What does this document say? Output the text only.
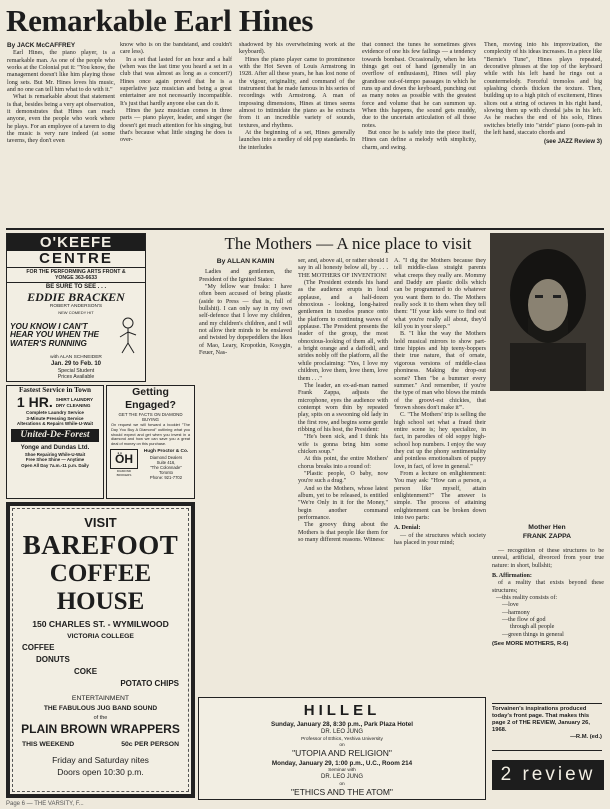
Remarkable Earl Hines
By JACK McCAFFREY

Earl Hines, the piano player, is a remarkable man. As one of the people who works at the Colonial put it: "You know, the management doesn't like him playing those long sets. But Mr. Hines loves his music, and no one can tell him what to do with it."

What is remarkable about that statement is that, besides being a very apt observation, it demonstrates that Hines can reach anyone, even the people who work where he plays. For an employee of a tavern to dig the music is very rare indeed (at some taverns, they don't even

know who is on the bandstand, and couldn't care less).

In a set that lasted for an hour and a half (when was the last time you heard a set in a club that was almost as long as a concert?) Hines once again proved that he is a superlative jazz musician and being a great entertainer are not necessarily incompatible. It's just that hardly anyone else can do it.

Hines the jazz musician comes in three parts — piano player, leader, and singer (he doesn't get much attention for his singing, but that's because what little singing he does is over-

shadowed by his overwhelming work at the keyboard).

Hines the piano player came to prominence with the Hot Seven of Louis Armstrong in 1928. After all these years, he has lost none of the vigour, originality, and command of the instrument that he made famous in his series of recordings with Armstrong. A man of impossing dimensions, Hines at times seems almost to intimidate the piano as he extracts from it an incredible variety of sounds, textures, and rhythms.

At the beginning of a set, Hines generally launches into a medley of old pop standards. In the interludes

that connect the tunes he sometimes gives evidence of one his few failings — a tendency towards bombast. Occasionally, when he lets things get out of hand (generally in an overflow of enthusiasm), Hines will play grandiose out-of-tempo passages in which he runs up and down the keyboard, punching out as many notes as possible with the greatest force and volume that he can summon up. When this happens, the sound gets muddy, due to the uncertain articulation of all those notes.

But once he is safely into the piece itself, Hines can define a melody with simplicity, charm, and swing.

Then, moving into his improvization, the complexity of his ideas increases. In a piece like "Bernie's Tune", Hines plays repeated, decorative phrases at the top of the keyboard while with his left hand he rings out a countermelody. Forceful tremolos and big splashing chords thicken the texture. Then, building up to a high pitch of excitement, Hines slices out a string of octaves in his right hand, slowing them up with chordal jabs in his left. As he reaches the end of his solo, Hines switches briefly into "stride" piano (oom-pah in the left hand, staccato chords and

(see JAZZ Review 3)
O'KEEFE
CENTRE
FOR THE PERFORMING ARTS FRONT & YONGE 363-6633
BE SURE TO SEE . . .
EDDIE BRACKEN
ROBERT ANDERSON'S
NEW COMEDY HIT
YOU KNOW I CAN'T HEAR YOU WHEN THE WATER'S RUNNING
with ALAN SCHNEIDER
Jan. 29 to Feb. 10
Special Student
Prices Available
Fastest Service in Town
1 HR. SHIRT LAUNDRY
DRY CLEANING
Complete Laundry Service
3-Minute Pressing Service
Alterations & Repairs While-U-Wait
United-De-Forest
Yonge and Dundas Ltd.
Shoe Repairing While-U-Wait
Free Shoe Shine — Anytime
Open All Day 7a.m.-11 p.m. Daily
Getting Engaged?
GET THE FACTS ON DIAMOND BUYING
On request we will forward a booklet "The Day You Buy A Diamond" outlining what you should expect and get when you invest in a diamond and how we can save you a great deal of money on this purchase.
ÖH
DIAMOND BROKERS
Hugh Proctor & Co.
Diamond Dealers
Suite 416,
"The Colonnade"
Toronto
Phone: 921-7702
VISIT
BAREFOOT
COFFEE HOUSE
150 CHARLES ST. - WYMILWOOD
VICTORIA COLLEGE
COFFEE
DONUTS
COKE
POTATO CHIPS
ENTERTAINMENT
THE FABULOUS JUG BAND SOUND
of the
PLAIN BROWN WRAPPERS
THIS WEEKEND	50c PER PERSON
Friday and Saturday nites
Doors open 10:30 p.m.
The Mothers — A nice place to visit
By ALLAN KAMIN

Ladies and gentlemen, the President of the Ignited States:

"My fellow war freaks: I have often been accused of being plastic (aside to Press — that is, full of bullshit). I can only say in my own self-defence that I love my children, and my children's children, and I will not allow their minds to be enslaved and twisted by dopepeddlers the likes of Mao, Leary, Kropotkin, Kosygin, Feuer, Nas-

ser, and, above all, or rather should I say in all honesty below all, by . . . THE MOTHERS OF INVENTION!

(The President extends his hand as the audience erupts in loud applause, and a half-dozen obnoxious - looking, long-haired gentlemen in tuxedos prance onto the platform to continuing waves of applause. The President presents the leader of the group, the most obnoxious-looking of them all, with a bright orange and a daffodil, and strides nobly off the platform, all the while proclaiming: "Yes, I love my children, love them, love them, love them . . ."

The leader, an ex-ad-man named Frank Zappa, adjusts the microphone, eyes the audience with contempt worn thin by repeated play, spits on a swooning old lady in the first row, and begins some gentle ribbing of his host, the President:

"He's been sick, and I think his wife is gonna bring him some chicken soup."

At this point, the entire Mothers' chorus breaks into a round of:

"Plastic people, O baby, now you're such a drag."

And so the Mothers, whose latest album, yet to be released, is entitled "We're Only in it for the Money," begin another command performance.

The groovy thing about the Mothers is that people like them for so many different reasons. Witness:

A. "I dig the Mothers because they tell middle-class straight parents what creeps they really are. Mommy and Daddy are plastic dolls which can be programmed to do whatever you want them to do. The Mothers really sock it to them when they tell them: "If your kids were to find out what you're really all about, they'd kill you in your sleep."

B. "I like the way the Mothers hold musical mirrors to show part-time hippies and hip teeny-boppers their true nature, that of ornate, vigorous versions of middle-class phoniness. Making the drop-out scene? Then "be a bummer every summer." And remember, if you're the type of man who blows the minds of the groovi-est chickies, that 'brown shoes don't make it'".

C. "The Mothers' trip is selling the high school set what a fraud their entire scene is; hey specialize, in fact, in parodies of old soppy high-school hop numbers. I enjoy the way they cut up the phony sentimentality and pointless emotionalism of puppy love, in fact, of love in general."

From a lecture on enlightenment: You may ask: "How can a person, a person like myself, attain enlightenment?" The answer is simple. The process of attaining enlightenment can be broken down into two parts:

A. Denial:

— of the structures which society has placed in your mind;

Mother Hen
FRANK ZAPPA

— recognition of these structures to be unreal, artificial, divorced from your true nature: in short, bullshit;

B. Affirmation:

of a reality that exists beyond these structures;

—this reality consists of:

—love

—harmony

—the flow of god

through all people

—green things in general

(See MORE MOTHERS, R-6)

Torvainen's inspirations produced today's front page. That makes this page 2 of THE REVIEW, January 26, 1968.
—R.M. (ed.)
2 review
HILLEL
Sunday, January 28, 8:30 p.m., Park Plaza Hotel
DR. LEO JUNG
Professor of Ethics, Yeshiva University
on
"UTOPIA AND RELIGION"
Monday, January 29, 1:00 p.m., U.C., Room 214
Seminar with
DR. LEO JUNG
on
"ETHICS AND THE ATOM"
Page 6 — THE VARSITY, F...
